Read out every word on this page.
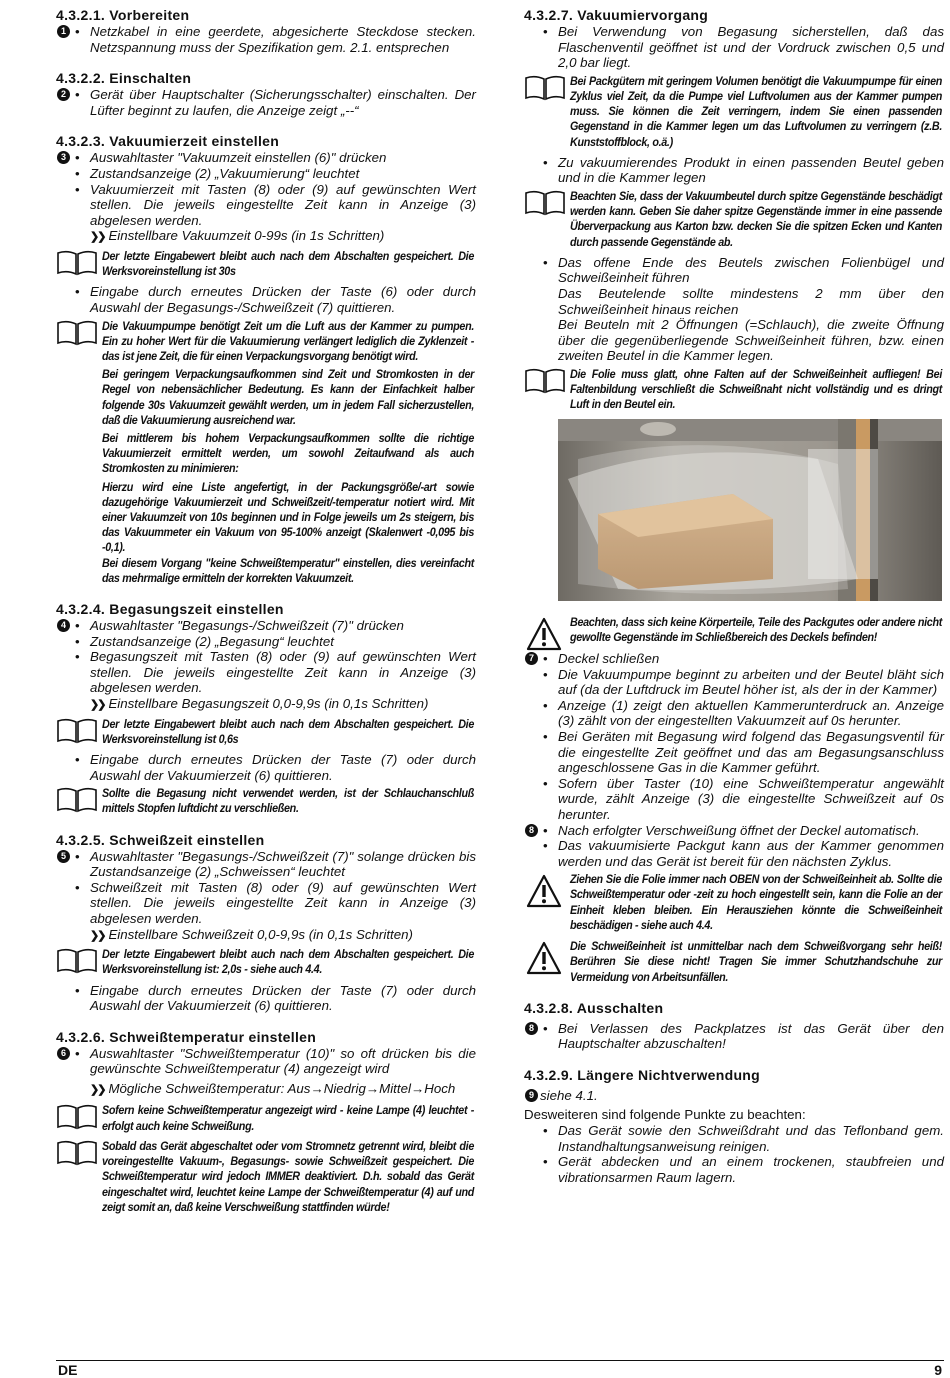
4.3.2.1. Vorbereiten
1 • Netzkabel in eine geerdete, abgesicherte Steckdose stecken. Netzspannung muss der Spezifikation gem. 2.1. entsprechen
4.3.2.2. Einschalten
2 • Gerät über Hauptschalter (Sicherungsschalter) einschalten. Der Lüfter beginnt zu laufen, die Anzeige zeigt „--“
4.3.2.3. Vakuumierzeit einstellen
3 • Auswahltaster "Vakuumzeit einstellen (6)" drücken
• Zustandsanzeige (2) „Vakuumierung“ leuchtet
• Vakuumierzeit mit Tasten (8) oder (9) auf gewünschten Wert stellen. Die jeweils eingestellte Zeit kann in Anzeige (3) abgelesen werden.
❯❯ Einstellbare Vakuumzeit 0-99s (in 1s Schritten)
Der letzte Eingabewert bleibt auch nach dem Abschalten gespeichert. Die Werksvoreinstellung ist 30s
• Eingabe durch erneutes Drücken der Taste (6) oder durch Auswahl der Begasungs-/Schweißzeit (7) quittieren.

Die Vakuumpumpe benötigt Zeit um die Luft aus der Kammer zu pumpen. Ein zu hoher Wert für die Vakuumierung verlängert lediglich die Zyklenzeit - das ist jene Zeit, die für einen Verpackungsvorgang benötigt wird.

Bei geringem Verpackungsaufkommen sind Zeit und Stromkosten in der Regel von nebensächlicher Bedeutung. Es kann der Einfachkeit halber folgende 30s Vakuumzeit gewählt werden, um in jedem Fall sicherzustellen, daß die Vakuumierung ausreichend war.

Bei mittlerem bis hohem Verpackungsaufkommen sollte die richtige Vakuumierzeit ermittelt werden, um sowohl Zeitaufwand als auch Stromkosten zu minimieren:

Hierzu wird eine Liste angefertigt, in der Packungsgröße/-art sowie dazugehörige Vakuumierzeit und Schweißzeit/-temperatur notiert wird. Mit einer Vakuumzeit von 10s beginnen und in Folge jeweils um 2s steigern, bis das Vakuummeter ein Vakuum von 95-100% anzeigt (Skalenwert -0,095 bis -0,1).

Bei diesem Vorgang "keine Schweißtemperatur" einstellen, dies vereinfacht das mehrmalige ermitteln der korrekten Vakuumzeit.

4.3.2.4. Begasungszeit einstellen
4 • Auswahltaster "Begasungs-/Schweißzeit (7)" drücken
• Zustandsanzeige (2) „Begasung“ leuchtet
• Begasungszeit mit Tasten (8) oder (9) auf gewünschten Wert stellen. Die jeweils eingestellte Zeit kann in Anzeige (3) abgelesen werden.
❯❯ Einstellbare Begasungszeit 0,0-9,9s (in 0,1s Schritten)
Der letzte Eingabewert bleibt auch nach dem Abschalten gespeichert. Die Werksvoreinstellung ist 0,6s
• Eingabe durch erneutes Drücken der Taste (7) oder durch Auswahl der Vakuumierzeit (6) quittieren.
Sollte die Begasung nicht verwendet werden, ist der Schlauchanschluß mittels Stopfen luftdicht zu verschließen.
4.3.2.5. Schweißzeit einstellen
5 • Auswahltaster "Begasungs-/Schweißzeit (7)" solange drücken bis Zustandsanzeige (2) „Schweissen“ leuchtet
• Schweißzeit mit Tasten (8) oder (9) auf gewünschten Wert stellen. Die jeweils eingestellte Zeit kann in Anzeige (3) abgelesen werden.
❯❯ Einstellbare Schweißzeit 0,0-9,9s (in 0,1s Schritten)
Der letzte Eingabewert bleibt auch nach dem Abschalten gespeichert. Die Werksvoreinstellung ist: 2,0s - siehe auch 4.4.
• Eingabe durch erneutes Drücken der Taste (7) oder durch Auswahl der Vakuumierzeit (6) quittieren.
4.3.2.6. Schweißtemperatur einstellen
6 • Auswahltaster "Schweißtemperatur (10)" so oft drücken bis die gewünschte Schweißtemperatur (4) angezeigt wird
❯❯ Mögliche Schweißtemperatur: Aus→Niedrig→Mittel→Hoch
Sofern keine Schweißtemperatur angezeigt wird - keine Lampe (4) leuchtet - erfolgt auch keine Schweißung.
Sobald das Gerät abgeschaltet oder vom Stromnetz getrennt wird, bleibt die voreingestellte Vakuum-, Begasungs- sowie Schweißzeit gespeichert. Die Schweißtemperatur wird jedoch IMMER deaktiviert. D.h. sobald das Gerät eingeschaltet wird, leuchtet keine Lampe der Schweißtemperatur (4) auf und zeigt somit an, daß keine Verschweißung stattfinden würde!
4.3.2.7. Vakuumiervorgang
• Bei Verwendung von Begasung sicherstellen, daß das Flaschenventil geöffnet ist und der Vordruck zwischen 0,5 und 2,0 bar liegt.
Bei Packgütern mit geringem Volumen benötigt die Vakuumpumpe für einen Zyklus viel Zeit, da die Pumpe viel Luftvolumen aus der Kammer pumpen muss. Sie können die Zeit verringern, indem Sie einen passenden Gegenstand in die Kammer legen um das Luftvolumen zu verringern (z.B. Kunststoffblock, o.ä.)
• Zu vakuumierendes Produkt in einen passenden Beutel geben und in die Kammer legen
Beachten Sie, dass der Vakuumbeutel durch spitze Gegenstände beschädigt werden kann. Geben Sie daher spitze Gegenstände immer in eine passende Überverpackung aus Karton bzw. decken Sie die spitzen Ecken und Kanten durch passende Gegenstände ab.
• Das offene Ende des Beutels zwischen Folienbügel und Schweißeinheit führen
Das Beutelende sollte mindestens 2 mm über den Schweißeinheit hinaus reichen
Bei Beuteln mit 2 Öffnungen (=Schlauch), die zweite Öffnung über die gegenüberliegende Schweißeinheit führen, bzw. einen zweiten Beutel in die Kammer legen.
Die Folie muss glatt, ohne Falten auf der Schweißeinheit aufliegen! Bei Faltenbildung verschließt die Schweißnaht nicht vollständig und es dringt Luft in den Beutel ein.
Beachten, dass sich keine Körperteile, Teile des Packgutes oder andere nicht gewollte Gegenstände im Schließbereich des Deckels befinden!
7 • Deckel schließen
• Die Vakuumpumpe beginnt zu arbeiten und der Beutel bläht sich auf (da der Luftdruck im Beutel höher ist, als der in der Kammer)
• Anzeige (1) zeigt den aktuellen Kammerunterdruck an. Anzeige (3) zählt von der eingestellten Vakuumzeit auf 0s herunter.
• Bei Geräten mit Begasung wird folgend das Begasungsventil für die eingestellte Zeit geöffnet und das am Begasungsanschluss angeschlossene Gas in die Kammer geführt.
• Sofern über Taster (10) eine Schweißtemperatur angewählt wurde, zählt Anzeige (3) die eingestellte Schweißzeit auf 0s herunter.
8 • Nach erfolgter Verschweißung öffnet der Deckel automatisch.
• Das vakuumisierte Packgut kann aus der Kammer genommen werden und das Gerät ist bereit für den nächsten Zyklus.
Ziehen Sie die Folie immer nach OBEN von der Schweißeinheit ab. Sollte die Schweißtemperatur oder -zeit zu hoch eingestellt sein, kann die Folie an der Einheit kleben bleiben. Ein Herausziehen könnte die Schweißeinheit beschädigen - siehe auch 4.4.
Die Schweißeinheit ist unmittelbar nach dem Schweißvorgang sehr heiß! Berühren Sie diese nicht! Tragen Sie immer Schutzhandschuhe zur Vermeidung von Arbeitsunfällen.
4.3.2.8. Ausschalten
8 • Bei Verlassen des Packplatzes ist das Gerät über den Hauptschalter abzuschalten!
4.3.2.9. Längere Nichtverwendung
9 siehe 4.1.
Desweiteren sind folgende Punkte zu beachten:
• Das Gerät sowie den Schweißdraht und das Teflonband gem. Instandhaltungsanweisung reinigen.
• Gerät abdecken und an einem trockenen, staubfreien und vibrationsarmen Raum lagern.
DE	9
